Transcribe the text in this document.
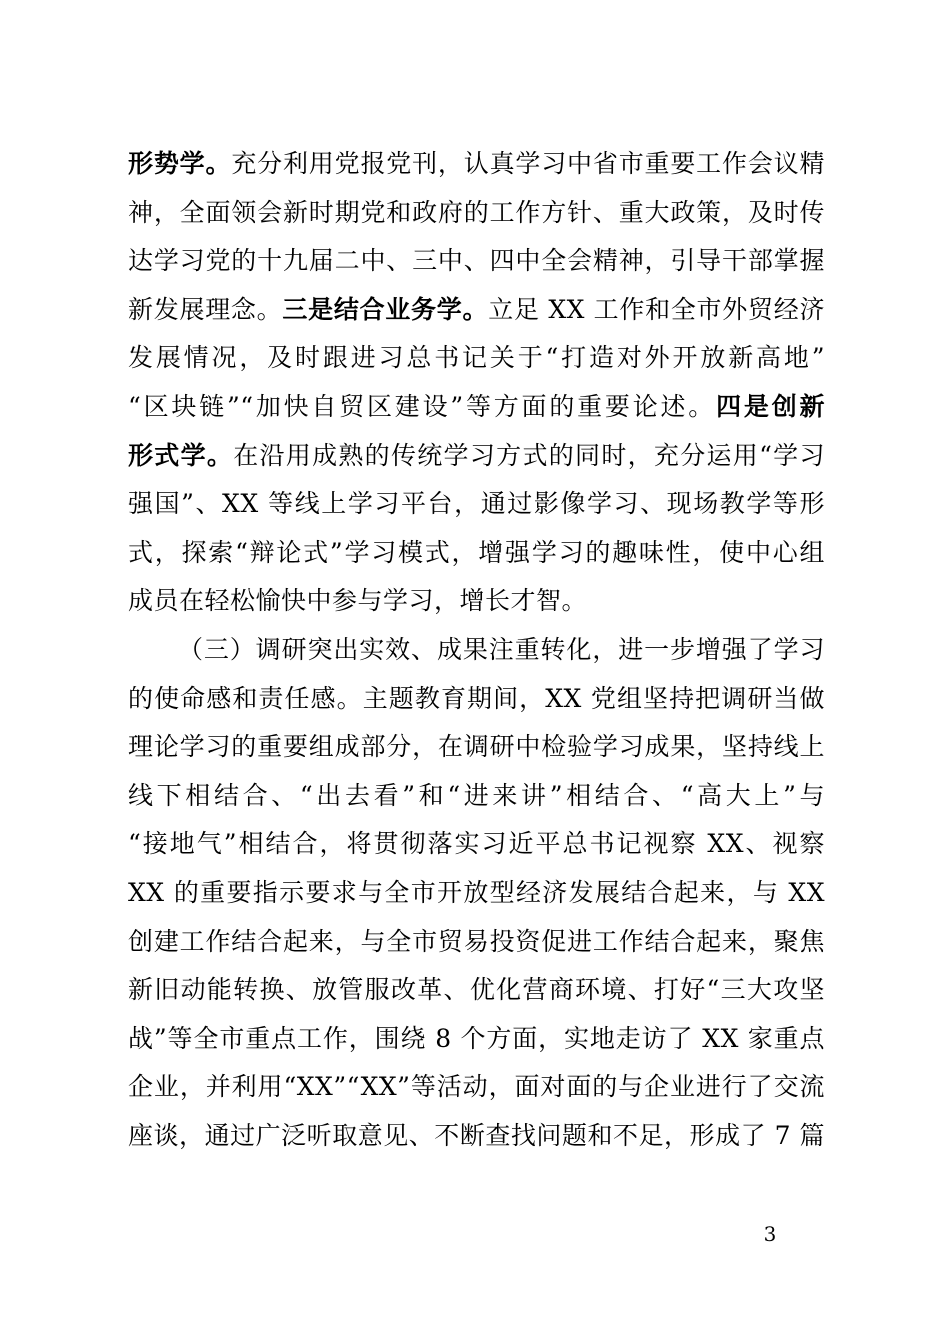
形势学。充分利用党报党刊，认真学习中省市重要工作会议精
神，全面领会新时期党和政府的工作方针、重大政策，及时传
达学习党的十九届二中、三中、四中全会精神，引导干部掌握
新发展理念。三是结合业务学。立足 XX 工作和全市外贸经济
发展情况，及时跟进习总书记关于“打造对外开放新高地”
“区块链”“加快自贸区建设”等方面的重要论述。四是创新
形式学。在沿用成熟的传统学习方式的同时，充分运用“学习
强国”、XX 等线上学习平台，通过影像学习、现场教学等形
式，探索“辩论式”学习模式，增强学习的趣味性，使中心组
成员在轻松愉快中参与学习，增长才智。
（三）调研突出实效、成果注重转化，进一步增强了学习
的使命感和责任感。主题教育期间，XX 党组坚持把调研当做
理论学习的重要组成部分，在调研中检验学习成果，坚持线上
线下相结合、“出去看”和“进来讲”相结合、“高大上”与
“接地气”相结合，将贯彻落实习近平总书记视察 XX、视察
XX 的重要指示要求与全市开放型经济发展结合起来，与 XX
创建工作结合起来，与全市贸易投资促进工作结合起来，聚焦
新旧动能转换、放管服改革、优化营商环境、打好“三大攻坚
战”等全市重点工作，围绕 8 个方面，实地走访了 XX 家重点
企业，并利用“XX”“XX”等活动，面对面的与企业进行了交流
座谈，通过广泛听取意见、不断查找问题和不足，形成了 7 篇
3
